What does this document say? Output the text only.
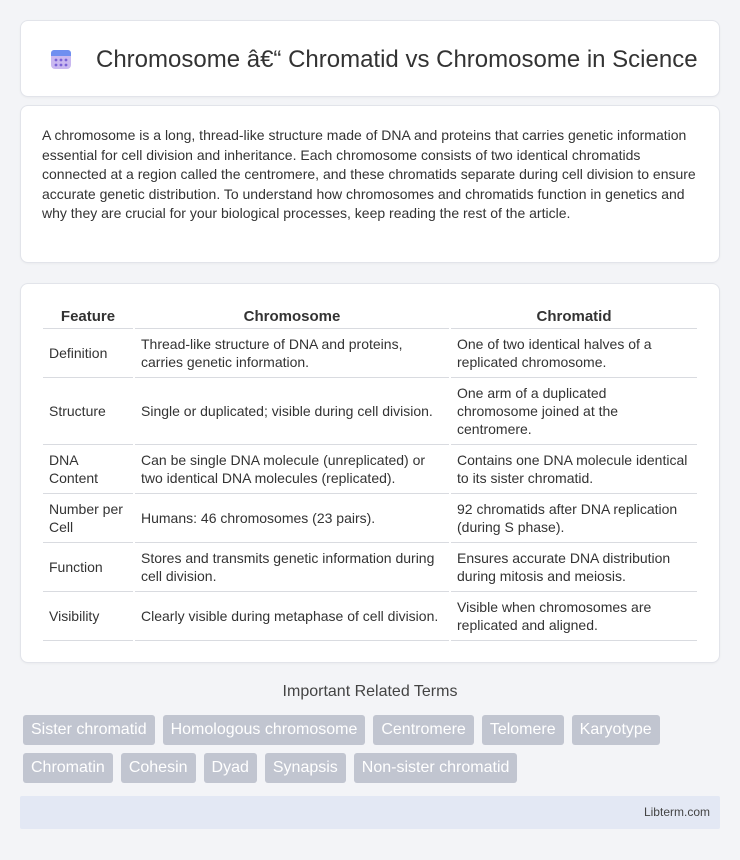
Chromosome â€“ Chromatid vs Chromosome in Science

A chromosome is a long, thread-like structure made of DNA and proteins that carries genetic information essential for cell division and inheritance. Each chromosome consists of two identical chromatids connected at a region called the centromere, and these chromatids separate during cell division to ensure accurate genetic distribution. To understand how chromosomes and chromatids function in genetics and why they are crucial for your biological processes, keep reading the rest of the article.

Feature	Chromosome	Chromatid
Definition	Thread-like structure of DNA and proteins, carries genetic information.	One of two identical halves of a replicated chromosome.
Structure	Single or duplicated; visible during cell division.	One arm of a duplicated chromosome joined at the centromere.
DNA Content	Can be single DNA molecule (unreplicated) or two identical DNA molecules (replicated).	Contains one DNA molecule identical to its sister chromatid.
Number per Cell	Humans: 46 chromosomes (23 pairs).	92 chromatids after DNA replication (during S phase).
Function	Stores and transmits genetic information during cell division.	Ensures accurate DNA distribution during mitosis and meiosis.
Visibility	Clearly visible during metaphase of cell division.	Visible when chromosomes are replicated and aligned.
Important Related Terms
Sister chromatid	Homologous chromosome	Centromere	Telomere	Karyotype
Chromatin	Cohesin	Dyad	Synapsis	Non-sister chromatid
Libterm.com
